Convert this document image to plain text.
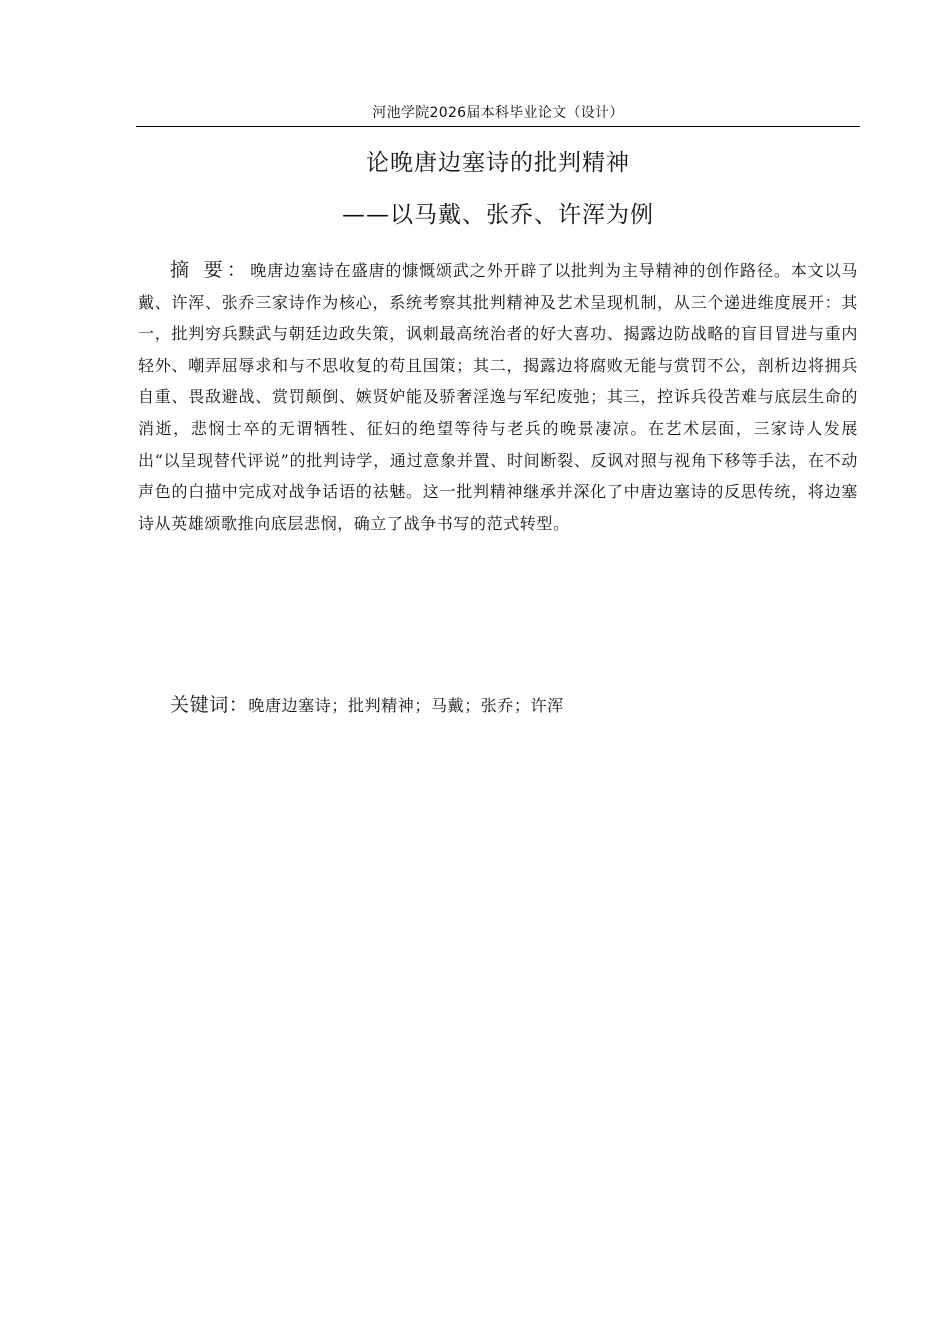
河池学院2026届本科毕业论文（设计）
论晚唐边塞诗的批判精神
——以马戴、张乔、许浑为例
摘 要：晚唐边塞诗在盛唐的慷慨颂武之外开辟了以批判为主导精神的创作路径。本文以马戴、许浑、张乔三家诗作为核心，系统考察其批判精神及艺术呈现机制，从三个递进维度展开：其一，批判穷兵黩武与朝廷边政失策，讽刺最高统治者的好大喜功、揭露边防战略的盲目冒进与重内轻外、嘲弄屈辱求和与不思收复的苟且国策；其二，揭露边将腐败无能与赏罚不公，剖析边将拥兵自重、畏敌避战、赏罚颠倒、嫉贤妒能及骄奢淫逸与军纪废弛；其三，控诉兵役苦难与底层生命的消逝，悲悯士卒的无谓牺牲、征妇的绝望等待与老兵的晚景凄凉。在艺术层面，三家诗人发展出“以呈现替代评说”的批判诗学，通过意象并置、时间断裂、反讽对照与视角下移等手法，在不动声色的白描中完成对战争话语的祛魅。这一批判精神继承并深化了中唐边塞诗的反思传统，将边塞诗从英雄颂歌推向底层悲悯，确立了战争书写的范式转型。
关键词：晚唐边塞诗；批判精神；马戴；张乔；许浑
